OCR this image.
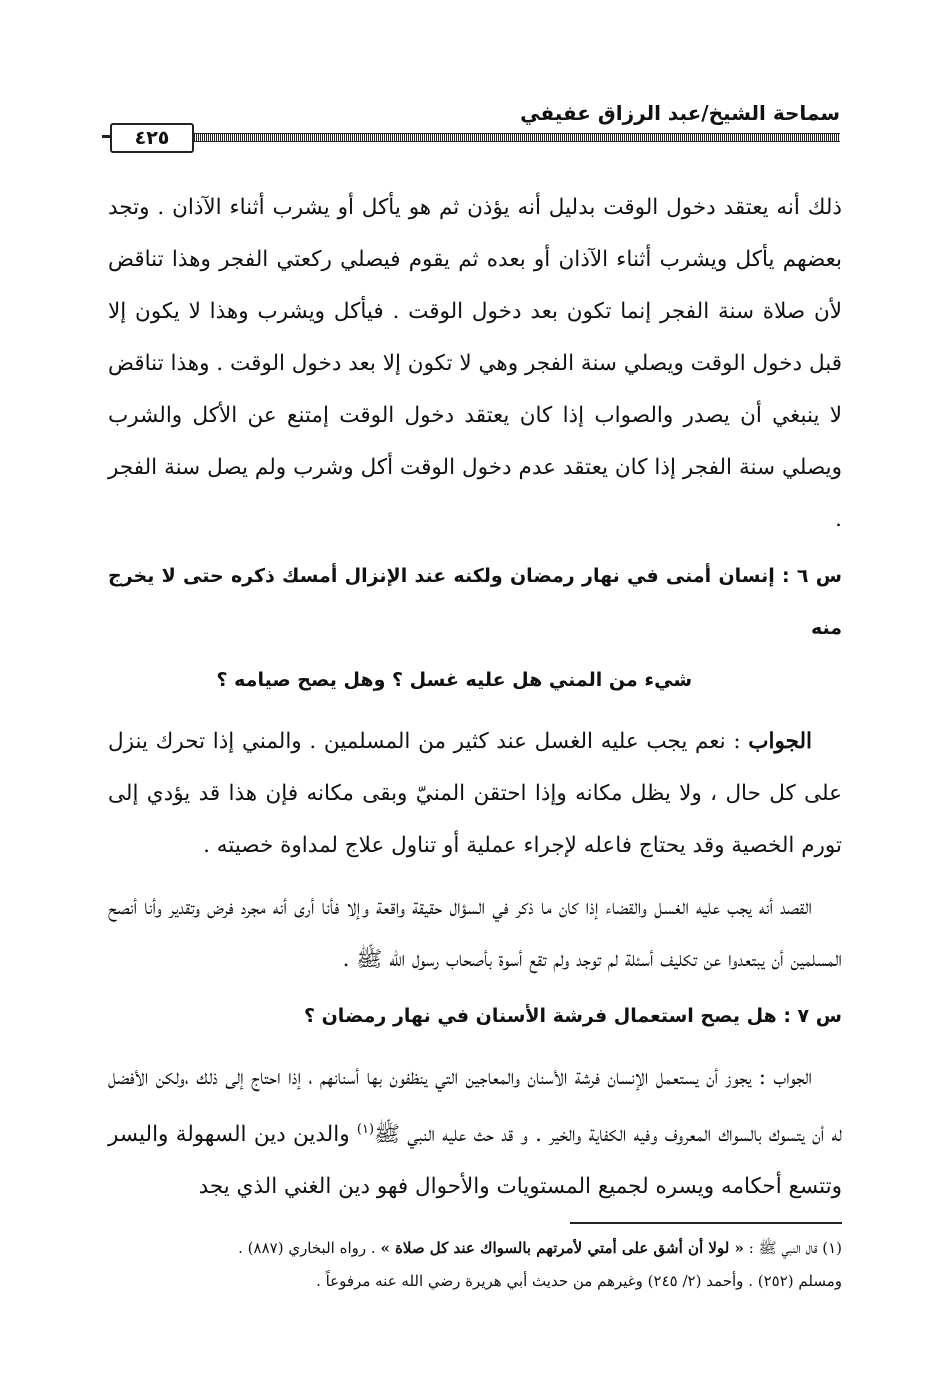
سماحة الشيخ/عبد الرزاق عفيفي
٤٢٥

ذلك أنه يعتقد دخول الوقت بدليل أنه يؤذن ثم هو يأكل أو يشرب أثناء الآذان . وتجد بعضهم يأكل ويشرب أثناء الآذان أو بعده ثم يقوم فيصلي ركعتي الفجر وهذا تناقض لأن صلاة سنة الفجر إنما تكون بعد دخول الوقت . فيأكل ويشرب وهذا لا يكون إلا قبل دخول الوقت ويصلي سنة الفجر وهي لا تكون إلا بعد دخول الوقت . وهذا تناقض لا ينبغي أن يصدر والصواب إذا كان يعتقد دخول الوقت إمتنع عن الأكل والشرب ويصلي سنة الفجر إذا كان يعتقد عدم دخول الوقت أكل وشرب ولم يصل سنة الفجر .

س ٦ : إنسان أمنى في نهار رمضان ولكنه عند الإنزال أمسك ذكره حتى لا يخرج منه
شيء من المني هل عليه غسل ؟ وهل يصح صيامه ؟

الجواب : نعم يجب عليه الغسل عند كثير من المسلمين . والمني إذا تحرك ينزل على كل حال ، ولا يظل مكانه وإذا احتقن المنيّ وبقى مكانه فإن هذا قد يؤدي إلى تورم الخصية وقد يحتاج فاعله لإجراء عملية أو تناول علاج لمداوة خصيته .

القصد أنه يجب عليه الغسل والقضاء إذا كان ما ذكر في السؤال حقيقة واقعة وإلا فأنا أرى أنه مجرد فرض وتقدير وأنا أنصح المسلمين أن يبتعدوا عن تكليف أسئلة لم توجد ولم تقع أسوة بأصحاب رسول الله ﷺ .

س ٧ : هل يصح استعمال فرشة الأسنان في نهار رمضان ؟

الجواب : يجوز أن يستعمل الإنسان فرشة الأسنان والمعاجين التي ينظفون بها أسنانهم ، إذا احتاج إلى ذلك ،ولكن الأفضل له أن يتسوك بالسواك المعروف وفيه الكفاية والخير . و قد حث عليه النبي ﷺ$^{(١)}$ والدين دين السهولة واليسر وتتسع أحكامه ويسره لجميع المستويات والأحوال فهو دين الغني الذي يجد

(١) قال النبي ﷺ : « لولا أن أشق على أمتي لأمرتهم بالسواك عند كل صلاة » . رواه البخاري (٨٨٧) .

ومسلم (٢٥٢) . وأحمد (٢/ ٢٤٥) وغيرهم من حديث أبي هريرة رضي الله عنه مرفوعاً .
